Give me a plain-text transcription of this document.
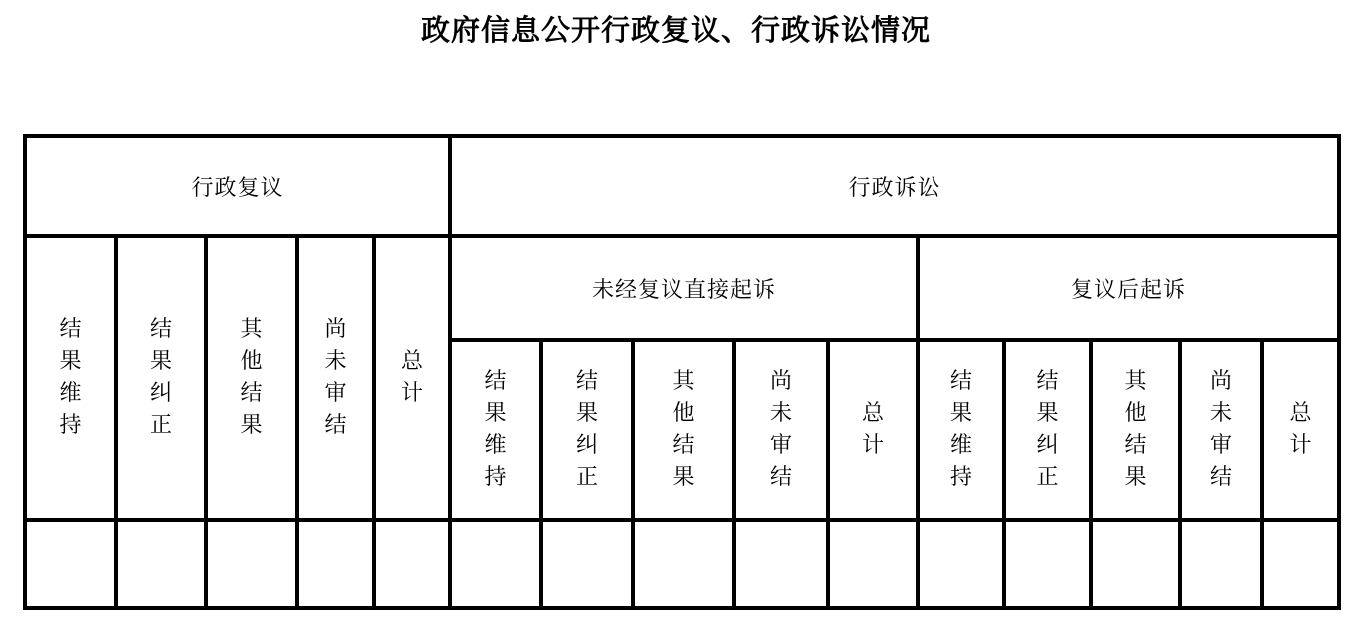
政府信息公开行政复议、行政诉讼情况
行政复议					行政诉讼									
结果维持	结果纠正	其他结果	尚未审结	总计	未经复议直接起诉					复议后起诉				
					结果维持	结果纠正	其他结果	尚未审结	总计	结果维持	结果纠正	其他结果	尚未审结	总计
